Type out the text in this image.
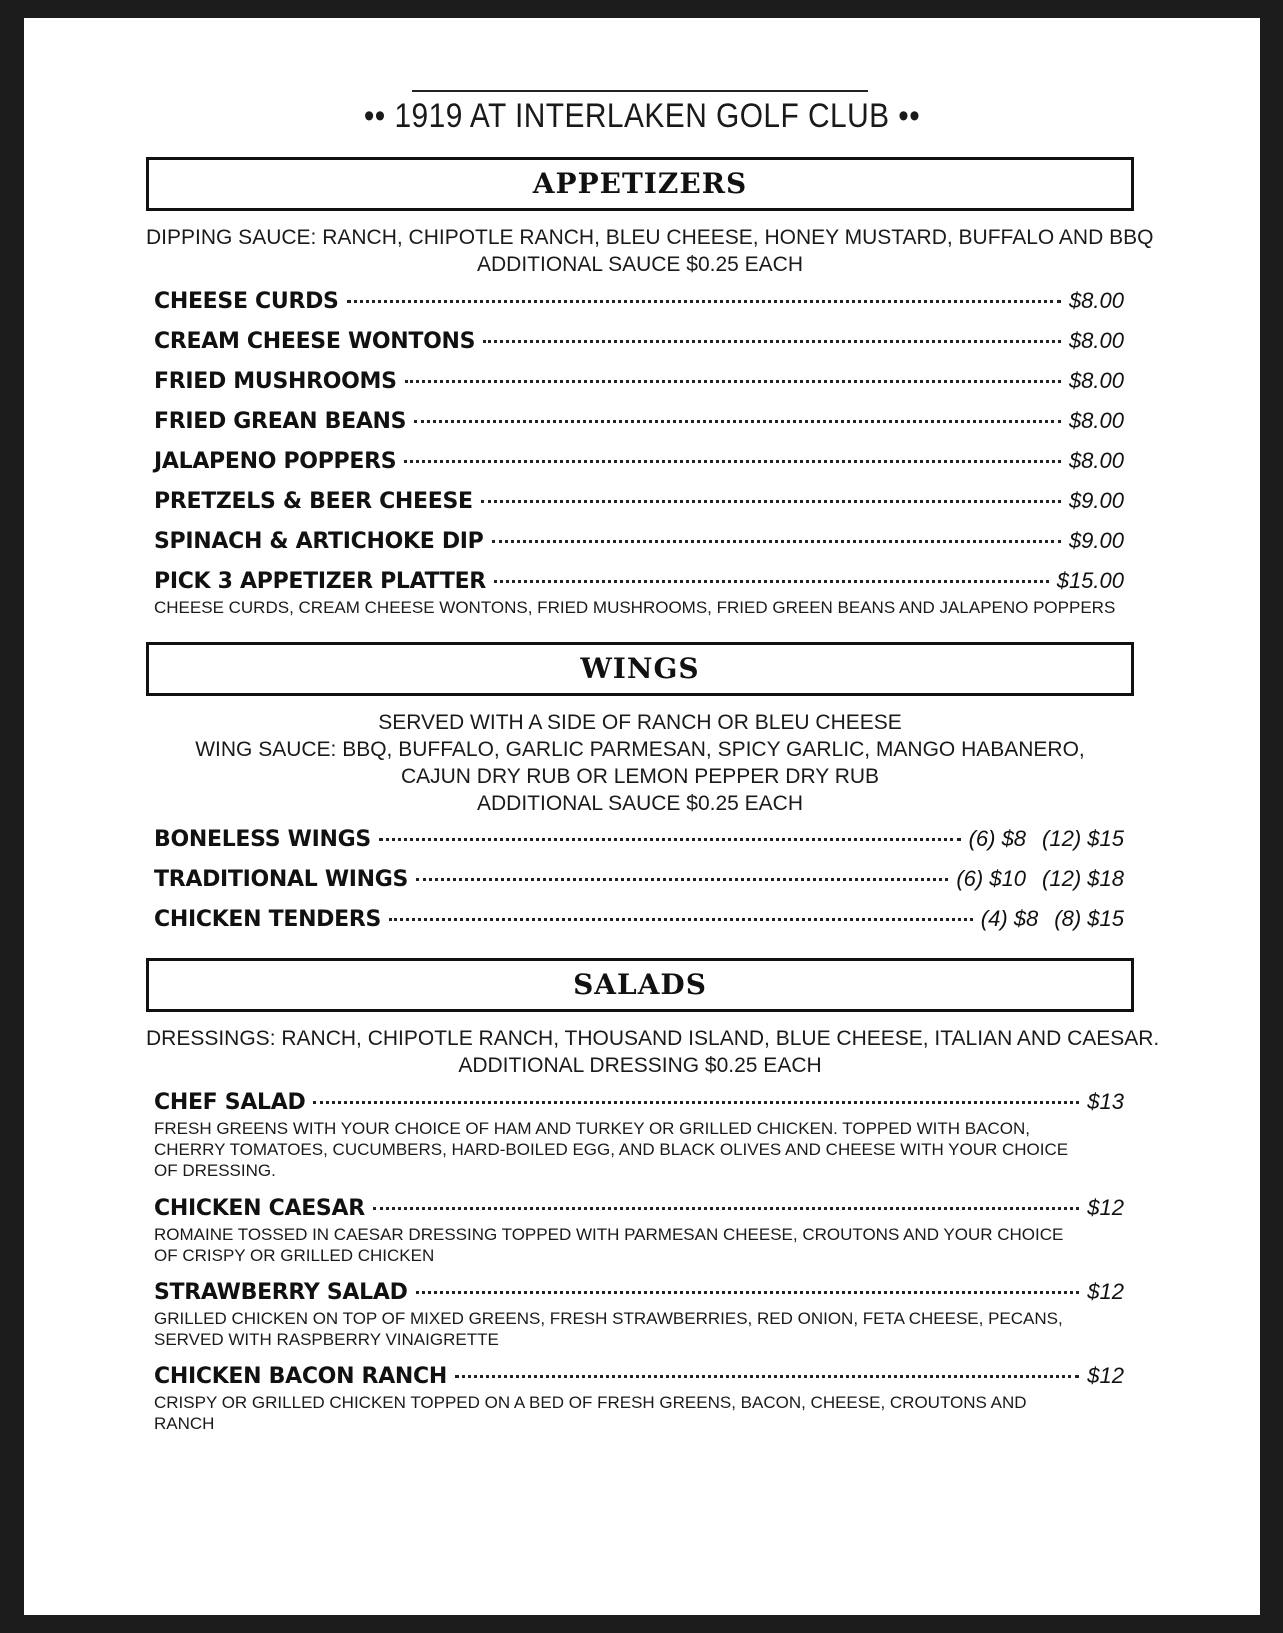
•• 1919 AT INTERLAKEN GOLF CLUB ••
APPETIZERS
DIPPING SAUCE: RANCH, CHIPOTLE RANCH, BLEU CHEESE, HONEY MUSTARD, BUFFALO AND BBQ
ADDITIONAL SAUCE $0.25 EACH
CHEESE CURDS	$8.00
CREAM CHEESE WONTONS	$8.00
FRIED MUSHROOMS	$8.00
FRIED GREAN BEANS	$8.00
JALAPENO POPPERS	$8.00
PRETZELS & BEER CHEESE	$9.00
SPINACH & ARTICHOKE DIP	$9.00
PICK 3 APPETIZER PLATTER	$15.00
CHEESE CURDS, CREAM CHEESE WONTONS, FRIED MUSHROOMS, FRIED GREEN BEANS AND JALAPENO POPPERS
WINGS
SERVED WITH A SIDE OF RANCH OR BLEU CHEESE
WING SAUCE: BBQ, BUFFALO, GARLIC PARMESAN, SPICY GARLIC, MANGO HABANERO,
CAJUN DRY RUB OR LEMON PEPPER DRY RUB
ADDITIONAL SAUCE $0.25 EACH
BONELESS WINGS	(6) $8 (12) $15
TRADITIONAL WINGS	(6) $10 (12) $18
CHICKEN TENDERS	(4) $8 (8) $15
SALADS
DRESSINGS: RANCH, CHIPOTLE RANCH, THOUSAND ISLAND, BLUE CHEESE, ITALIAN AND CAESAR.
ADDITIONAL DRESSING $0.25 EACH
CHEF SALAD	$13
FRESH GREENS WITH YOUR CHOICE OF HAM AND TURKEY OR GRILLED CHICKEN. TOPPED WITH BACON, CHERRY TOMATOES, CUCUMBERS, HARD-BOILED EGG, AND BLACK OLIVES AND CHEESE WITH YOUR CHOICE OF DRESSING.
CHICKEN CAESAR	$12
ROMAINE TOSSED IN CAESAR DRESSING TOPPED WITH PARMESAN CHEESE, CROUTONS AND YOUR CHOICE OF CRISPY OR GRILLED CHICKEN
STRAWBERRY SALAD	$12
GRILLED CHICKEN ON TOP OF MIXED GREENS, FRESH STRAWBERRIES, RED ONION, FETA CHEESE, PECANS, SERVED WITH RASPBERRY VINAIGRETTE
CHICKEN BACON RANCH	$12
CRISPY OR GRILLED CHICKEN TOPPED ON A BED OF FRESH GREENS, BACON, CHEESE, CROUTONS AND RANCH
